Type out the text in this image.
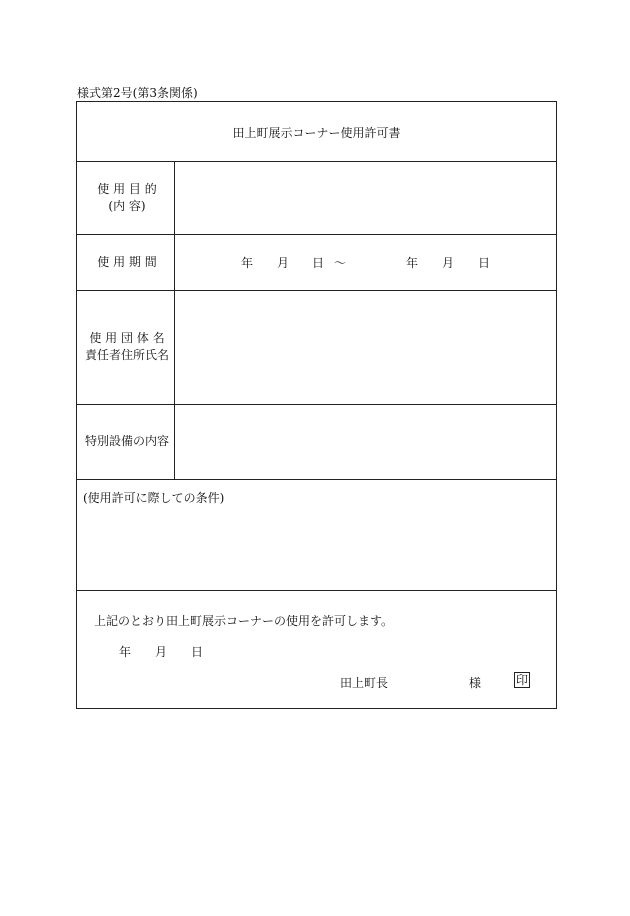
様式第2号(第3条関係)
田上町展示コーナー使用許可書
使 用 目 的
(内 容)
使 用 期 間	年 月 日 〜	年 月 日
使 用 団 体 名
責任者住所氏名
特別設備の内容
(使用許可に際しての条件)
上記のとおり田上町展示コーナーの使用を許可します。
年 月 日
田上町長	様	印
